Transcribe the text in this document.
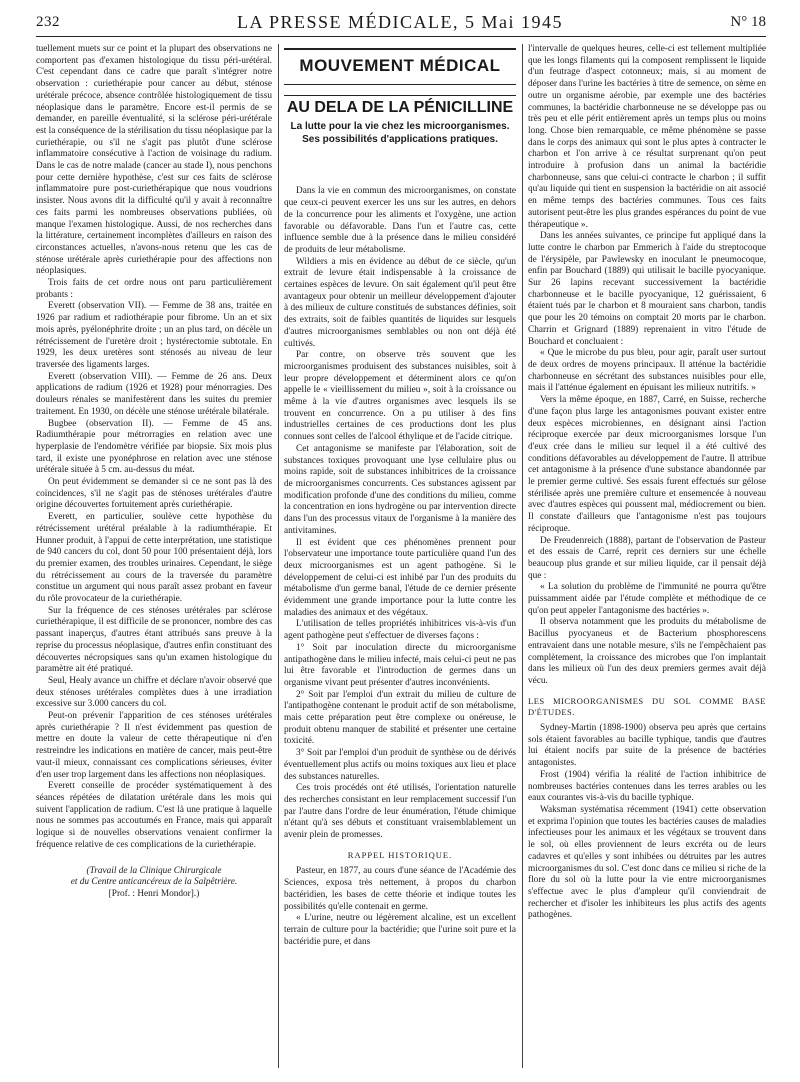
232	LA PRESSE MÉDICALE, 5 Mai 1945	N° 18

tuellement muets sur ce point et la plupart des observations ne comportent pas d'examen histologique du tissu péri-urétéral. C'est cependant dans ce cadre que paraît s'intégrer notre observation : curiethérapie pour cancer au début, sténose urétérale précoce, absence contrôlée histologiquement de tissu néoplasique dans le paramètre. Encore est-il permis de se demander, en pareille éventualité, si la sclérose péri-urétérale est la conséquence de la stérilisation du tissu néoplasique par la curiethérapie, ou s'il ne s'agit pas plutôt d'une sclérose inflammatoire consécutive à l'action de voisinage du radium. Dans le cas de notre malade (cancer au stade I), nous penchons pour cette dernière hypothèse, c'est sur ces faits de sclérose inflammatoire pure post-curiethérapique que nous voudrions insister. Nous avons dit la difficulté qu'il y avait à reconnaître ces faits parmi les nombreuses observations publiées, où manque l'examen histologique. Aussi, de nos recherches dans la littérature, certainement incomplètes d'ailleurs en raison des circonstances actuelles, n'avons-nous retenu que les cas de sténose urétérale après curiethérapie pour des affections non néoplasiques.

Trois faits de cet ordre nous ont paru particulièrement probants :

Everett (observation VII). — Femme de 38 ans, traitée en 1926 par radium et radiothérapie pour fibrome. Un an et six mois après, pyélonéphrite droite ; un an plus tard, on décèle un rétrécissement de l'uretère droit ; hystérectomie subtotale. En 1929, les deux uretères sont sténosés au niveau de leur traversée des ligaments larges.

Everett (observation VIII). — Femme de 26 ans. Deux applications de radium (1926 et 1928) pour ménorragies. Des douleurs rénales se manifestèrent dans les suites du premier traitement. En 1930, on décèle une sténose urétérale bilatérale.

Bugbee (observation II). — Femme de 45 ans. Radiumthérapie pour métrorragies en relation avec une hyperplasie de l'endomètre vérifiée par biopsie. Six mois plus tard, il existe une pyonéphrose en relation avec une sténose urétérale située à 5 cm. au-dessus du méat.

On peut évidemment se demander si ce ne sont pas là des coïncidences, s'il ne s'agit pas de sténoses urétérales d'autre origine découvertes fortuitement après curiethérapie.

Everett, en particulier, soulève cette hypothèse du rétrécissement urétéral préalable à la radiumthérapie. Et Hunner produit, à l'appui de cette interprétation, une statistique de 940 cancers du col, dont 50 pour 100 présentaient déjà, lors du premier examen, des troubles urinaires. Cependant, le siège du rétrécissement au cours de la traversée du paramètre constitue un argument qui nous paraît assez probant en faveur du rôle provocateur de la curiethérapie.

Sur la fréquence de ces sténoses urétérales par sclérose curiethérapique, il est difficile de se prononcer, nombre des cas passant inaperçus, d'autres étant attribués sans preuve à la reprise du processus néoplasique, d'autres enfin constituant des découvertes nécropsiques sans qu'un examen histologique du paramètre ait été pratiqué.

Seul, Healy avance un chiffre et déclare n'avoir observé que deux sténoses urétérales complètes dues à une irradiation excessive sur 3.000 cancers du col.

Peut-on prévenir l'apparition de ces sténoses urétérales après curiethérapie ? Il n'est évidemment pas question de mettre en doute la valeur de cette thérapeutique ni d'en restreindre les indications en matière de cancer, mais peut-être vaut-il mieux, connaissant ces complications sérieuses, éviter d'en user trop largement dans les affections non néoplasiques.

Everett conseille de procéder systématiquement à des séances répétées de dilatation urétérale dans les mois qui suivent l'application de radium. C'est là une pratique à laquelle nous ne sommes pas accoutumés en France, mais qui apparaît logique si de nouvelles observations venaient confirmer la fréquence relative de ces complications de la curiethérapie.

(Travail de la Clinique Chirurgicale
et du Centre anticancéreux de la Salpêtrière.
[Prof. : Henri Mondor].)
MOUVEMENT MÉDICAL
AU DELA DE LA PÉNICILLINE
La lutte pour la vie chez les microorganismes. Ses possibilités d'applications pratiques.

Dans la vie en commun des microorganismes, on constate que ceux-ci peuvent exercer les uns sur les autres, en dehors de la concurrence pour les aliments et l'oxygène, une action favorable ou défavorable. Dans l'un et l'autre cas, cette influence semble due à la présence dans le milieu considéré de produits de leur métabolisme.

Wildiers a mis en évidence au début de ce siècle, qu'un extrait de levure était indispensable à la croissance de certaines espèces de levure. On sait également qu'il peut être avantageux pour obtenir un meilleur développement d'ajouter à des milieux de culture constitués de substances définies, soit des extraits, soit de faibles quantités de liquides sur lesquels d'autres microorganismes semblables ou non ont déjà été cultivés.

Par contre, on observe très souvent que les microorganismes produisent des substances nuisibles, soit à leur propre développement et déterminent alors ce qu'on appelle le « vieillissement du milieu », soit à la croissance ou même à la vie d'autres organismes avec lesquels ils se trouvent en concurrence. On a pu utiliser à des fins industrielles certaines de ces productions dont les plus connues sont celles de l'alcool éthylique et de l'acide citrique.

Cet antagonisme se manifeste par l'élaboration, soit de substances toxiques provoquant une lyse cellulaire plus ou moins rapide, soit de substances inhibitrices de la croissance de microorganismes concurrents. Ces substances agissent par modification profonde d'une des conditions du milieu, comme la concentration en ions hydrogène ou par intervention directe dans l'un des processus vitaux de l'organisme à la manière des antivitamines.

Il est évident que ces phénomènes prennent pour l'observateur une importance toute particulière quand l'un des deux microorganismes est un agent pathogène. Si le développement de celui-ci est inhibé par l'un des produits du métabolisme d'un germe banal, l'étude de ce dernier présente évidemment une grande importance pour la lutte contre les maladies des animaux et des végétaux.

L'utilisation de telles propriétés inhibitrices vis-à-vis d'un agent pathogène peut s'effectuer de diverses façons :

1° Soit par inoculation directe du microorganisme antipathogène dans le milieu infecté, mais celui-ci peut ne pas lui être favorable et l'introduction de germes dans un organisme vivant peut présenter d'autres inconvénients.

2° Soit par l'emploi d'un extrait du milieu de culture de l'antipathogène contenant le produit actif de son métabolisme, mais cette préparation peut être complexe ou onéreuse, le produit obtenu manquer de stabilité et présenter une certaine toxicité.

3° Soit par l'emploi d'un produit de synthèse ou de dérivés éventuellement plus actifs ou moins toxiques aux lieu et place des substances naturelles.

Ces trois procédés ont été utilisés, l'orientation naturelle des recherches consistant en leur remplacement successif l'un par l'autre dans l'ordre de leur énumération, l'étude chimique n'étant qu'à ses débuts et constituant vraisemblablement un avenir plein de promesses.

RAPPEL HISTORIQUE.

Pasteur, en 1877, au cours d'une séance de l'Académie des Sciences, exposa très nettement, à propos du charbon bactéridien, les bases de cette théorie et indique toutes les possibilités qu'elle contenait en germe.

« L'urine, neutre ou légèrement alcaline, est un excellent terrain de culture pour la bactéridie; que l'urine soit pure et la bactéridie pure, et dans

l'intervalle de quelques heures, celle-ci est tellement multipliée que les longs filaments qui la composent remplissent le liquide d'un feutrage d'aspect cotonneux; mais, si au moment de déposer dans l'urine les bactéries à titre de semence, on sème en outre un organisme aérobie, par exemple une des bactéries communes, la bactéridie charbonneuse ne se développe pas ou très peu et elle périt entièrement après un temps plus ou moins long. Chose bien remarquable, ce même phénomène se passe dans le corps des animaux qui sont le plus aptes à contracter le charbon et l'on arrive à ce résultat surprenant qu'on peut introduire à profusion dans un animal la bactéridie charbonneuse, sans que celui-ci contracte le charbon ; il suffit qu'au liquide qui tient en suspension la bactéridie on ait associé en même temps des bactéries communes. Tous ces faits autorisent peut-être les plus grandes espérances du point de vue thérapeutique ».

Dans les années suivantes, ce principe fut appliqué dans la lutte contre le charbon par Emmerich à l'aide du streptocoque de l'érysipèle, par Pawlewsky en inoculant le pneumocoque, enfin par Bouchard (1889) qui utilisait le bacille pyocyanique. Sur 26 lapins recevant successivement la bactéridie charbonneuse et le bacille pyocyanique, 12 guérissaient, 6 étaient tués par le charbon et 8 mouraient sans charbon, tandis que pour les 20 témoins on comptait 20 morts par le charbon. Charrin et Grignard (1889) reprenaient in vitro l'étude de Bouchard et concluaient :

« Que le microbe du pus bleu, pour agir, paraît user surtout de deux ordres de moyens principaux. Il atténue la bactéridie charbonneuse en sécrétant des substances nuisibles pour elle, mais il l'atténue également en épuisant les milieux nutritifs. »

Vers la même époque, en 1887, Carré, en Suisse, recherche d'une façon plus large les antagonismes pouvant exister entre deux espèces microbiennes, en désignant ainsi l'action réciproque exercée par deux microorganismes lorsque l'un d'eux crée dans le milieu sur lequel il a été cultivé des conditions défavorables au développement de l'autre. Il attribue cet antagonisme à la présence d'une substance abandonnée par le premier germe cultivé. Ses essais furent effectués sur gélose stérilisée après une première culture et ensemencée à nouveau avec d'autres espèces qui poussent mal, médiocrement ou bien. Il constate d'ailleurs que l'antagonisme n'est pas toujours réciproque.

De Freudenreich (1888), partant de l'observation de Pasteur et des essais de Carré, reprit ces derniers sur une échelle beaucoup plus grande et sur milieu liquide, car il pensait déjà que :

« La solution du problème de l'immunité ne pourra qu'être puissamment aidée par l'étude complète et méthodique de ce qu'on peut appeler l'antagonisme des bactéries ».

Il observa notamment que les produits du métabolisme de Bacillus pyocyaneus et de Bacterium phosphorescens entravaient dans une notable mesure, s'ils ne l'empêchaient pas complètement, la croissance des microbes que l'on implantait dans les milieux où l'un des deux premiers germes avait déjà vécu.

LES MICROORGANISMES DU SOL COMME BASE D'ÉTUDES.

Sydney-Martin (1898-1900) observa peu après que certains sols étaient favorables au bacille typhique, tandis que d'autres lui étaient nocifs par suite de la présence de bactéries antagonistes.

Frost (1904) vérifia la réalité de l'action inhibitrice de nombreuses bactéries contenues dans les terres arables ou les eaux courantes vis-à-vis du bacille typhique.

Waksman systématisa récemment (1941) cette observation et exprima l'opinion que toutes les bactéries causes de maladies infectieuses pour les animaux et les végétaux se trouvent dans le sol, où elles proviennent de leurs excréta ou de leurs cadavres et qu'elles y sont inhibées ou détruites par les autres microorganismes du sol. C'est donc dans ce milieu si riche de la flore du sol où la lutte pour la vie entre microorganismes s'effectue avec le plus d'ampleur qu'il conviendrait de rechercher et d'isoler les inhibiteurs les plus actifs des agents pathogènes.
